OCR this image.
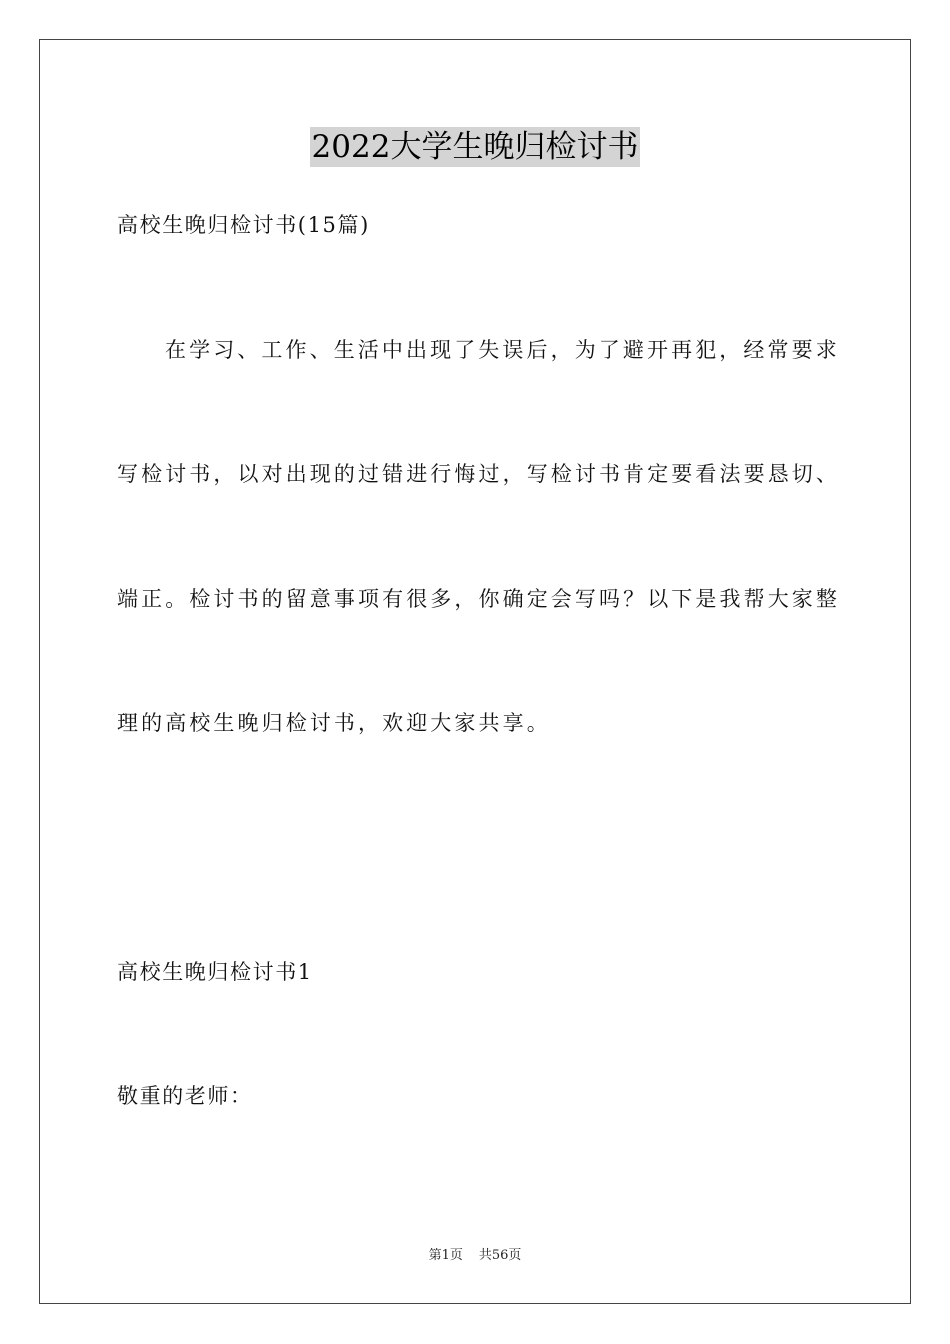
2022大学生晚归检讨书
高校生晚归检讨书(15篇)
在学习、工作、生活中出现了失误后，为了避开再犯，经常要求
写检讨书，以对出现的过错进行悔过，写检讨书肯定要看法要恳切、
端正。检讨书的留意事项有很多，你确定会写吗？以下是我帮大家整
理的高校生晚归检讨书，欢迎大家共享。
高校生晚归检讨书1
敬重的老师：
第1页 共56页
